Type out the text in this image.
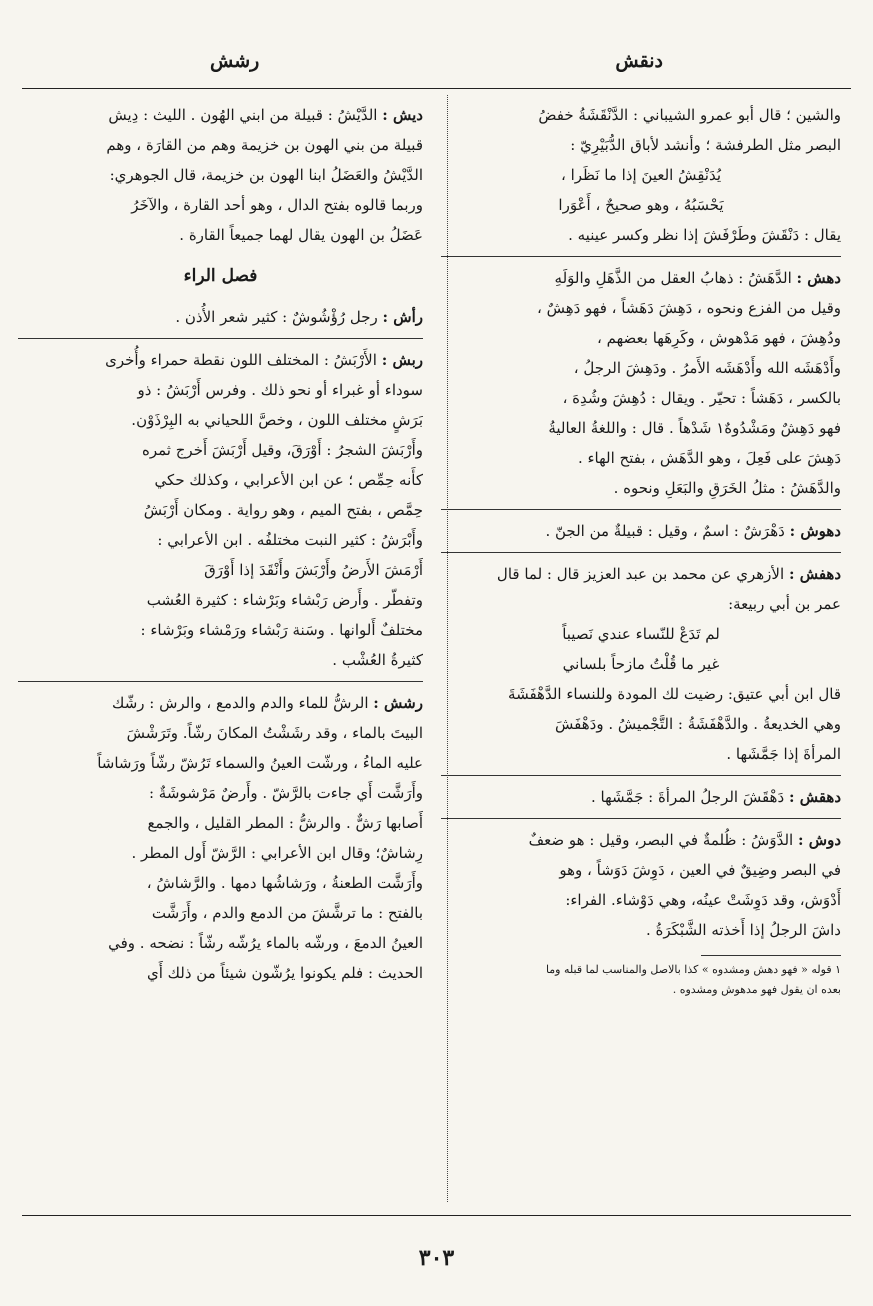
دنقش
رشش
والشين ؛ قال أبو عمرو الشيباني : الدَّنْقَشَةُ خفضُ
البصر مثل الطرفشة ؛ وأنشد لأباق الدُّبَيْرِيّ :
يُدَنْقِشُ العينَ إذا ما نَظَرا ،
يَحْسَبُهُ ، وهو صحيحٌ ، أَعْوَرا
يقال : دَنْقَشَ وطَرْفَشَ إذا نظر وكسر عينيه .
دهش : الدَّهَشُ : ذهابُ العقل من الذَّهَلِ والوَلَهِ
وقيل من الفزع ونحوه ، دَهِشَ دَهَشاً ، فهو دَهِشٌ ،
ودُهِشَ ، فهو مَدْهوش ، وكَرِهَها بعضهم ،
وأَدْهَشَه الله وأَدْهَشَه الأَمرُ . ودَهِشَ الرجلُ ،
بالكسر ، دَهَشاً : تحيّر . ويقال : دُهِشَ وشُدِهَ ،
فهو دَهِشٌ ومَشْدُوهٌ١ شَدْهاً . قال : واللغةُ العاليةُ
دَهِشَ على فَعِلَ ، وهو الدَّهَش ، بفتح الهاء .
والدَّهَشُ : مثلُ الخَرَقِ والبَعَلِ ونحوه .
دهوش : دَهْرَشٌ : اسمٌ ، وقيل : قبيلةٌ من الجنّ .
دهفش : الأزهري عن محمد بن عبد العزيز قال : لما قال
عمر بن أبي ربيعة:
لم تَدَعْ للنّساء عندي نَصيباً
غير ما قُلْتُ مازحاً بلساني
قال ابن أبي عتيق: رضيت لك المودة وللنساء الدَّهْفَشَةَ
وهي الخديعةُ . والدَّهْفَشَةُ : التَّجْميشُ . ودَهْفَشَ
المرأةَ إذا جَمَّشَها .
دهقش : دَهْقَشَ الرجلُ المرأةَ : جَمَّشَها .
دوش : الدَّوَشُ : ظُلمةٌ في البصر، وقيل : هو ضعفٌ
في البصر وضِيقٌ في العين ، دَوِشَ دَوَشاً ، وهو
أَدْوَش، وقد دَوِشَتْ عينُه، وهي دَوْشاء. الفراء:
داشَ الرجلُ إذا أَخذته الشَّبْكَرَةُ .
١ قوله « فهو دهش ومشدوه » كذا بالاصل والمناسب لما قبله وما
بعده ان يقول فهو مدهوش ومشدوه .
ديش : الدَّيْشُ : قبيلة من ابني الهُون . الليث : دِيش
قبيلة من بني الهون بن خزيمة وهم من القارَة ، وهم
الدَّيْشُ والعَضَلُ ابنا الهون بن خزيمة، قال الجوهري:
وربما قالوه بفتح الدال ، وهو أحد القارة ، والآخَرُ
عَضَلُ بن الهون يقال لهما جميعاً القارة .
فصل الراء
رأش : رجل رُؤْشُوشٌ : كثير شعر الأُذن .
ربش : الأَرْبَشُ : المختلف اللون نقطة حمراء وأُخرى
سوداء أو غبراء أو نحو ذلك . وفرس أَرْبَشُ : ذو
بَرَشٍ مختلف اللون ، وخصَّ اللحياني به البِرْذَوْن.
وأَرْبَشَ الشجرُ : أَوْرَقَ، وقيل أَرْبَشَ أَخرج ثمره
كأَنه حِمِّص ؛ عن ابن الأعرابي ، وكذلك حكي
حِمَّص ، بفتح الميم ، وهو رواية . ومكان أَرْبَشُ
وأَبْرَشُ : كثير النبت مختلفُه . ابن الأعرابي :
أَرْمَشَ الأَرضُ وأَرْبَشَ وأَنْقَدَ إذا أَوْرَقَ
وتفطّر . وأَرض رَبْشاء وبَرْشاء : كثيرة العُشب
مختلفٌ أَلوانها . وسَنة رَبْشاء ورَمْشاء وبَرْشاء :
كثيرةُ العُشْب .
رشش : الرشُّ للماء والدم والدمع ، والرش : رشّك
البيتَ بالماء ، وقد رشَشْتُ المكانَ رشّاً. وتَرَشْشَ
عليه الماءُ ، ورشّت العينُ والسماء تَرُشّ رشّاً ورَشاشاً
وأَرَشَّت أَي جاءت بالرَّشّ . وأَرضٌ مَرْشوشَةٌ :
أَصابها رَشٌّ . والرشُّ : المطر القليل ، والجمع
رِشاشٌ؛ وقال ابن الأعرابي : الرَّشّ أَول المطر .
وأَرَشَّت الطعنةُ ، ورَشاشُها دمها . والرَّشاشُ ،
بالفتح : ما ترشَّشَ من الدمع والدم ، وأَرَشَّت
العينُ الدمعَ ، ورشّه بالماء يرُشّه رشّاً : نضحه . وفي
الحديث : فلم يكونوا يرُشّون شيئاً من ذلك أَي
٣٠٣
